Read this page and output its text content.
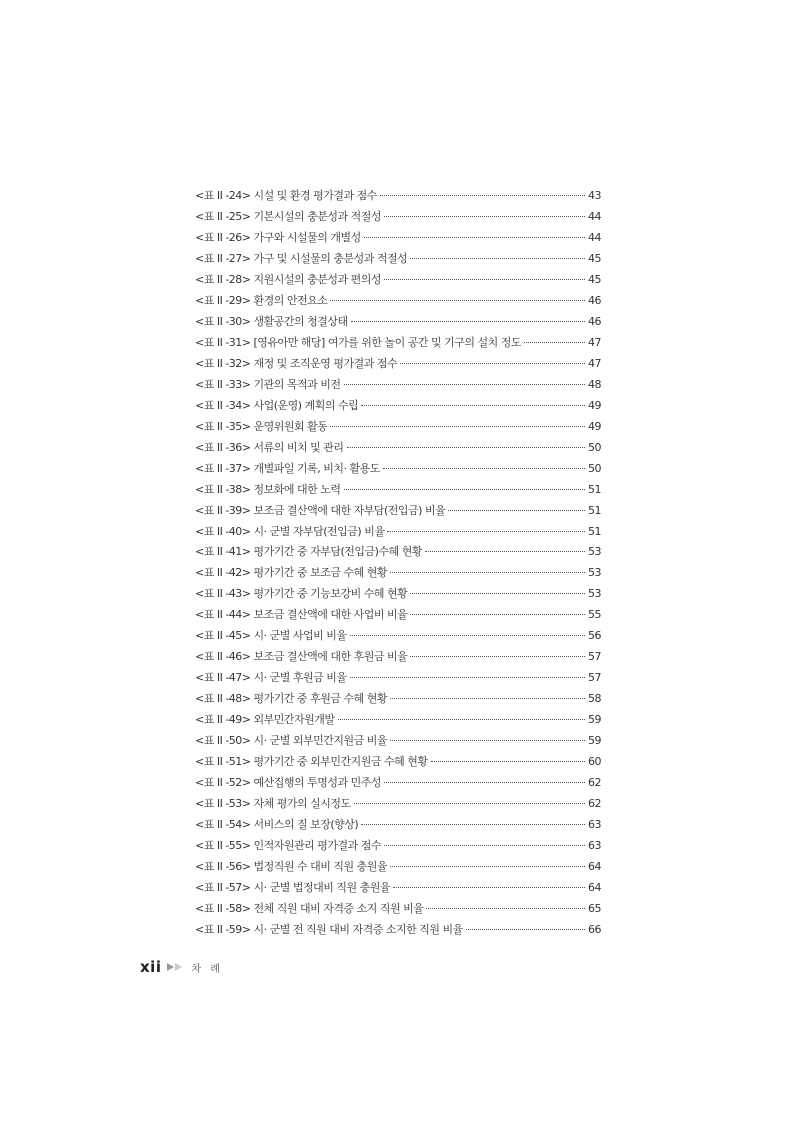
<표 II -24> 시설 및 환경 평가결과 점수	43
<표 II -25> 기본시설의 충분성과 적절성	44
<표 II -26> 가구와 시설물의 개별성	44
<표 II -27> 가구 및 시설물의 충분성과 적절성	45
<표 II -28> 지원시설의 충분성과 편의성	45
<표 II -29> 환경의 안전요소	46
<표 II -30> 생활공간의 청결상태	46
<표 II -31> [영유아만 해당] 여가를 위한 놀이 공간 및 기구의 설치 정도	47
<표 II -32> 재정 및 조직운영 평가결과 점수	47
<표 II -33> 기관의 목적과 비전	48
<표 II -34> 사업(운영) 계획의 수립	49
<표 II -35> 운영위원회 활동	49
<표 II -36> 서류의 비치 및 관리	50
<표 II -37> 개별파일 기록, 비치· 활용도	50
<표 II -38> 정보화에 대한 노력	51
<표 II -39> 보조금 결산액에 대한 자부담(전입금) 비율	51
<표 II -40> 시· 군별 자부담(전입금) 비율	51
<표 II -41> 평가기간 중 자부담(전입금)수혜 현황	53
<표 II -42> 평가기간 중 보조금 수혜 현황	53
<표 II -43> 평가기간 중 기능보강비 수혜 현황	53
<표 II -44> 보조금 결산액에 대한 사업비 비율	55
<표 II -45> 시· 군별 사업비 비율	56
<표 II -46> 보조금 결산액에 대한 후원금 비율	57
<표 II -47> 시· 군별 후원금 비율	57
<표 II -48> 평가기간 중 후원금 수혜 현황	58
<표 II -49> 외부민간자원개발	59
<표 II -50> 시· 군별 외부민간지원금 비율	59
<표 II -51> 평가기간 중 외부민간지원금 수혜 현황	60
<표 II -52> 예산집행의 투명성과 민주성	62
<표 II -53> 자체 평가의 실시정도	62
<표 II -54> 서비스의 질 보장(향상)	63
<표 II -55> 인적자원관리 평가결과 점수	63
<표 II -56> 법정직원 수 대비 직원 충원율	64
<표 II -57> 시· 군별 법정대비 직원 충원율	64
<표 II -58> 전체 직원 대비 자격증 소지 직원 비율	65
<표 II -59> 시· 군별 전 직원 대비 자격증 소지한 직원 비율	66
xii	차 례
